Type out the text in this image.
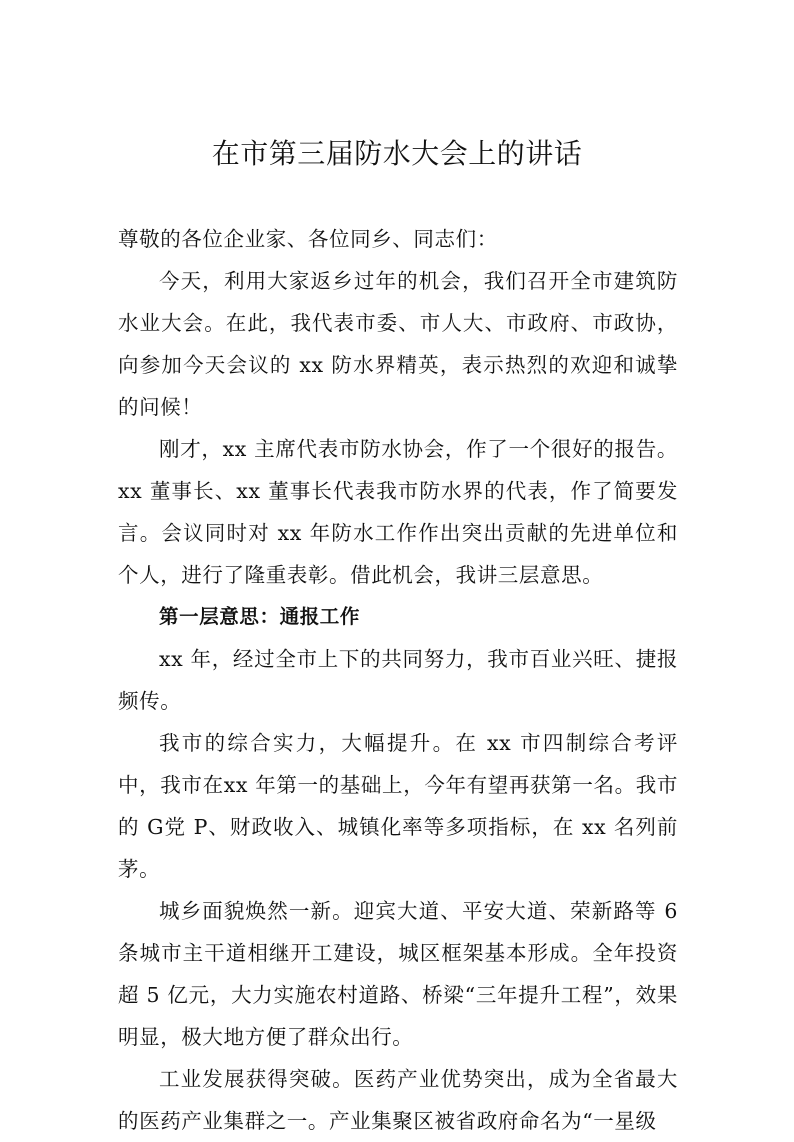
在市第三届防水大会上的讲话

尊敬的各位企业家、各位同乡、同志们：

今天，利用大家返乡过年的机会，我们召开全市建筑防水业大会。在此，我代表市委、市人大、市政府、市政协， 向参加今天会议的 xx 防水界精英，表示热烈的欢迎和诚挚的问候！

刚才，xx 主席代表市防水协会，作了一个很好的报告。xx 董事长、xx 董事长代表我市防水界的代表，作了简要发言。会议同时对 xx 年防水工作作出突出贡献的先进单位和个人，进行了隆重表彰。借此机会，我讲三层意思。

第一层意思：通报工作

xx 年，经过全市上下的共同努力，我市百业兴旺、捷报频传。

我市的综合实力，大幅提升。在 xx 市四制综合考评中，我市在xx 年第一的基础上，今年有望再获第一名。我市的 G党 P、财政收入、城镇化率等多项指标，在 xx 名列前茅。

城乡面貌焕然一新。迎宾大道、平安大道、荣新路等 6条城市主干道相继开工建设，城区框架基本形成。全年投资超 5 亿元，大力实施农村道路、桥梁“三年提升工程”，效果明显，极大地方便了群众出行。

工业发展获得突破。医药产业优势突出，成为全省最大的医药产业集群之一。产业集聚区被省政府命名为“一星级
